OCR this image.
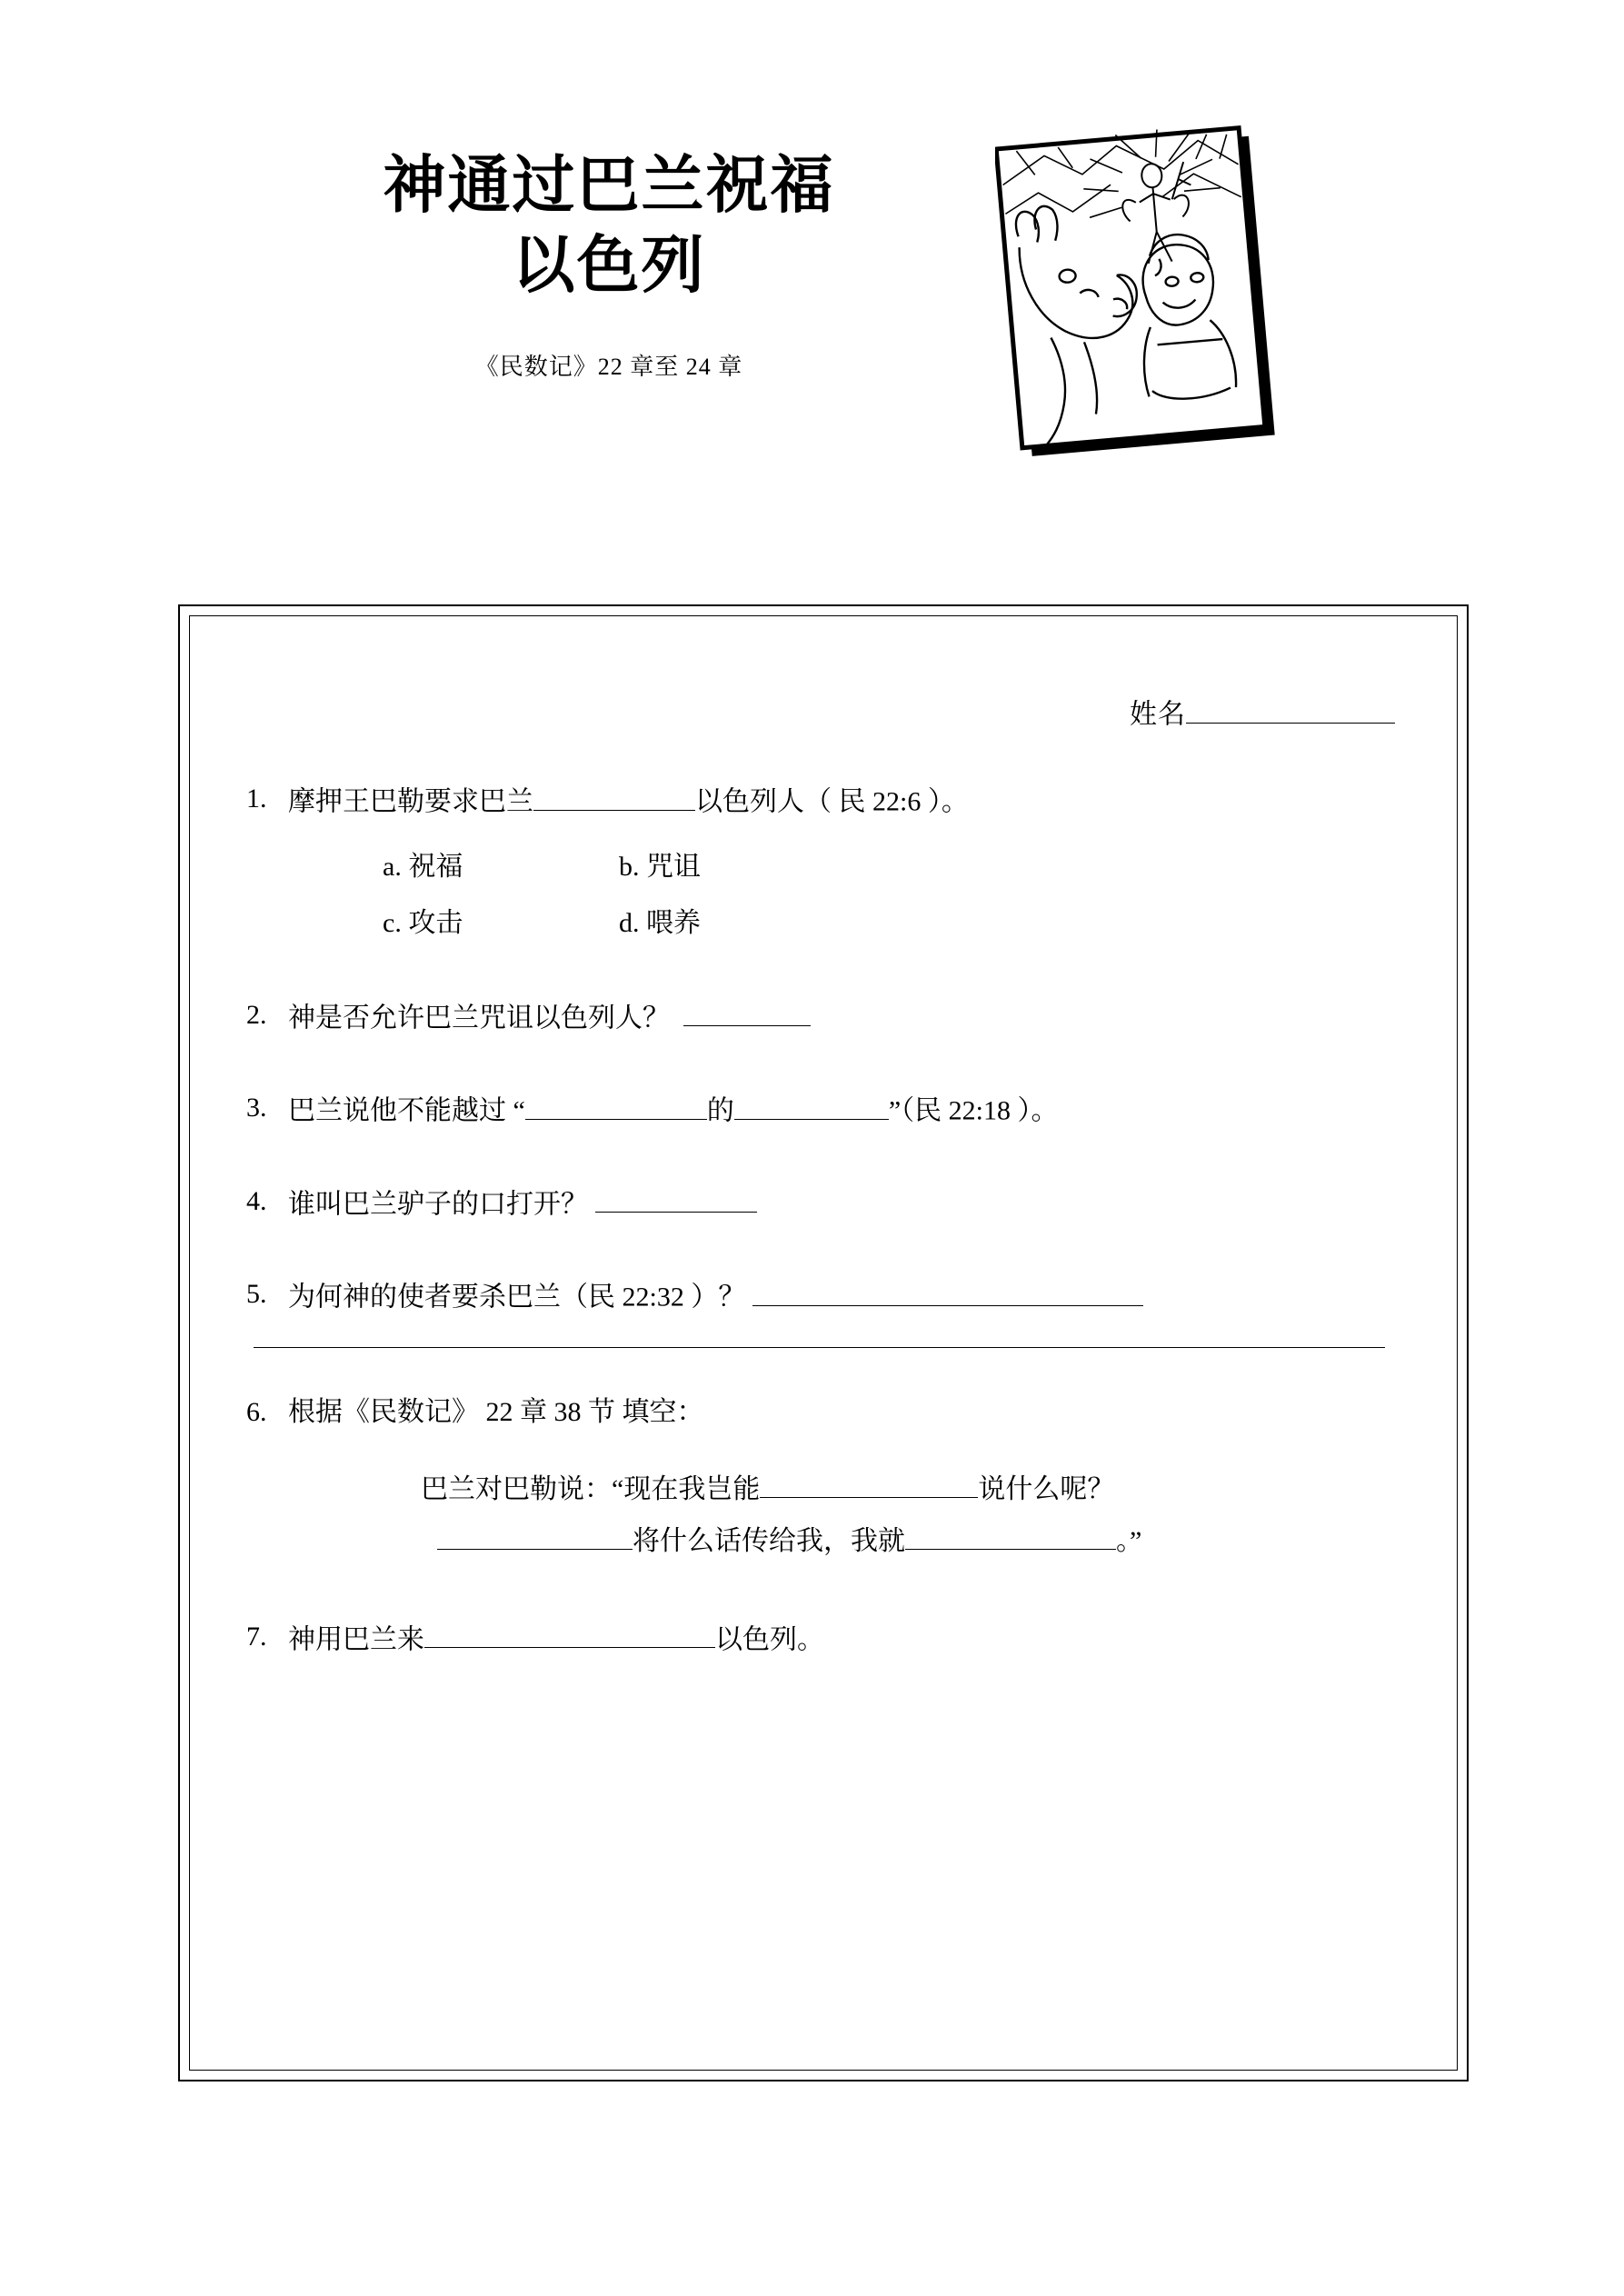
神通过巴兰祝福
以色列
《民数记》22 章至 24 章
姓名
1. 摩押王巴勒要求巴兰	以色列人（ 民 22:6 ）。
a. 祝福	b. 咒诅
c. 攻击	d. 喂养
2. 神是否允许巴兰咒诅以色列人？
3. 巴兰说他不能越过 “	的	”（民 22:18 ）。
4. 谁叫巴兰驴子的口打开？
5. 为何神的使者要杀巴兰（民 22:32 ）？
6. 根据《民数记》 22 章 38 节 填空：
巴兰对巴勒说：“现在我岂能	说什么呢？
将什么话传给我，我就	。”
7. 神用巴兰来	以色列。
